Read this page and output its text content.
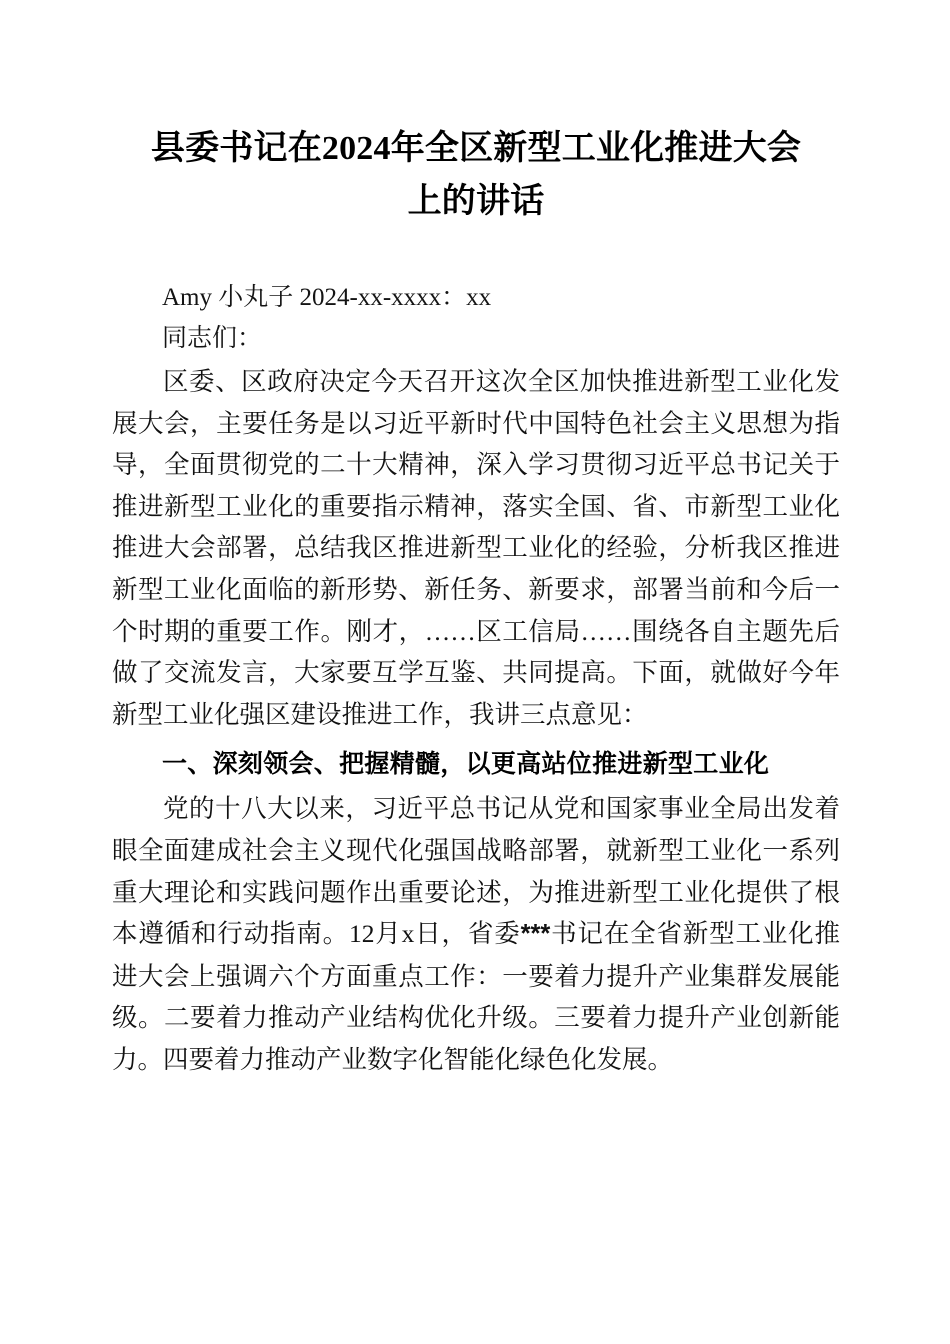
县委书记在2024年全区新型工业化推进大会
上的讲话

Amy 小丸子 2024-xx-xxxx：xx

同志们：

区委、区政府决定今天召开这次全区加快推进新型工业化发展大会，主要任务是以习近平新时代中国特色社会主义思想为指导，全面贯彻党的二十大精神，深入学习贯彻习近平总书记关于推进新型工业化的重要指示精神，落实全国、省、市新型工业化推进大会部署，总结我区推进新型工业化的经验，分析我区推进新型工业化面临的新形势、新任务、新要求，部署当前和今后一个时期的重要工作。刚才，……区工信局……围绕各自主题先后做了交流发言，大家要互学互鉴、共同提高。下面，就做好今年新型工业化强区建设推进工作，我讲三点意见：

一、深刻领会、把握精髓，以更高站位推进新型工业化

党的十八大以来，习近平总书记从党和国家事业全局出发着眼全面建成社会主义现代化强国战略部署，就新型工业化一系列重大理论和实践问题作出重要论述，为推进新型工业化提供了根本遵循和行动指南。12月x日，省委***书记在全省新型工业化推进大会上强调六个方面重点工作：一要着力提升产业集群发展能级。二要着力推动产业结构优化升级。三要着力提升产业创新能力。四要着力推动产业数字化智能化绿色化发展。
